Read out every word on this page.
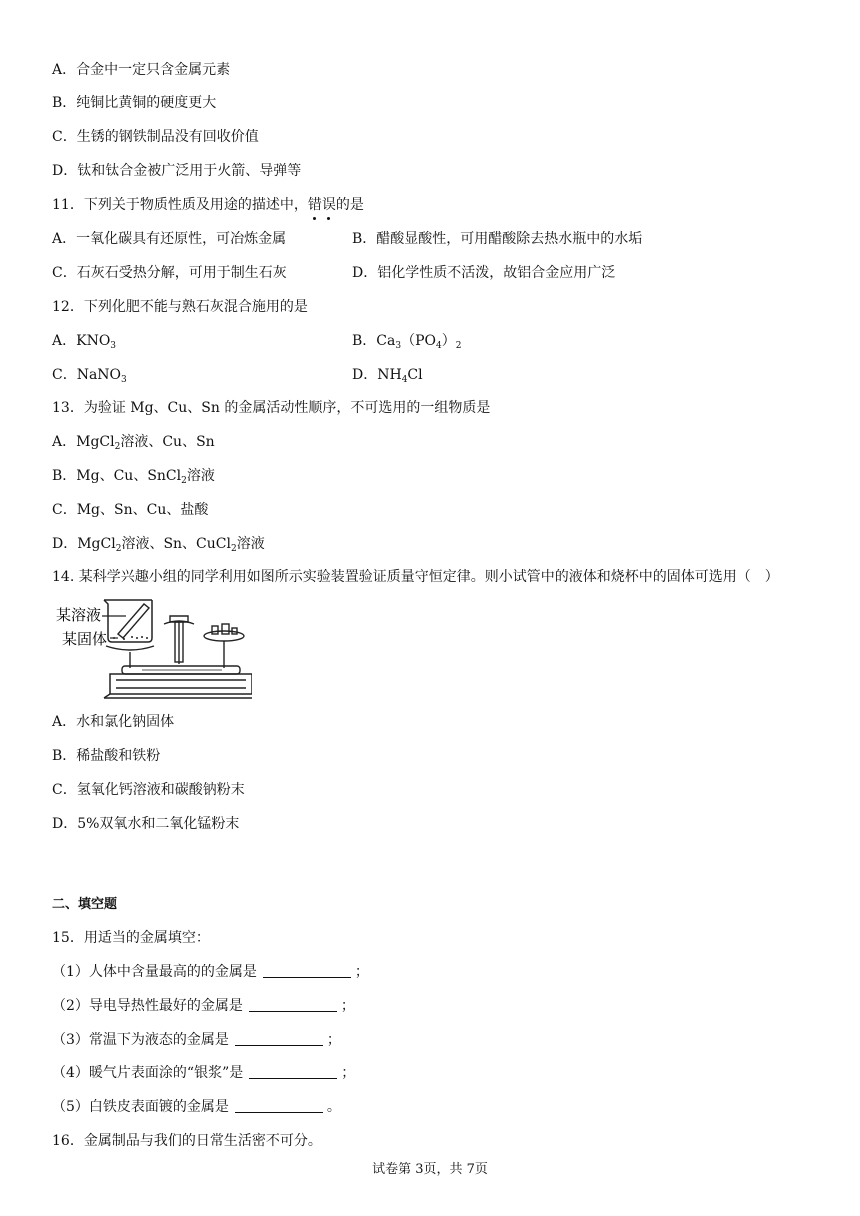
A．合金中一定只含金属元素
B．纯铜比黄铜的硬度更大
C．生锈的钢铁制品没有回收价值
D．钛和钛合金被广泛用于火箭、导弹等
11．下列关于物质性质及用途的描述中，错误的是
A．一氧化碳具有还原性，可冶炼金属	B．醋酸显酸性，可用醋酸除去热水瓶中的水垢
C．石灰石受热分解，可用于制生石灰	D．铝化学性质不活泼，故铝合金应用广泛
12．下列化肥不能与熟石灰混合施用的是
A．$KNO_3$	B．$Ca_3(PO_4)_2$
C．NaNO$_3$	D．$NH_4Cl$
13．为验证 Mg、Cu、Sn 的金属活动性顺序，不可选用的一组物质是
A．MgCl$_2$溶液、Cu、Sn
B．Mg、Cu、SnCl$_2$溶液
C．Mg、Sn、Cu、盐酸
D．MgCl$_2$溶液、Sn、CuCl$_2$溶液
14. 某科学兴趣小组的同学利用如图所示实验装置验证质量守恒定律。则小试管中的液体和烧杯中的固体可选用（　）
某溶液
某固体
A．水和氯化钠固体
B．稀盐酸和铁粉
C．氢氧化钙溶液和碳酸钠粉末
D．5%双氧水和二氧化锰粉末
二、填空题
15．用适当的金属填空：
（1）人体中含量最高的的金属是	；
（2）导电导热性最好的金属是	；
（3）常温下为液态的金属是	；
（4）暖气片表面涂的“银浆”是	；
（5）白铁皮表面镀的金属是	。
16．金属制品与我们的日常生活密不可分。
试卷第 3页，共 7页
